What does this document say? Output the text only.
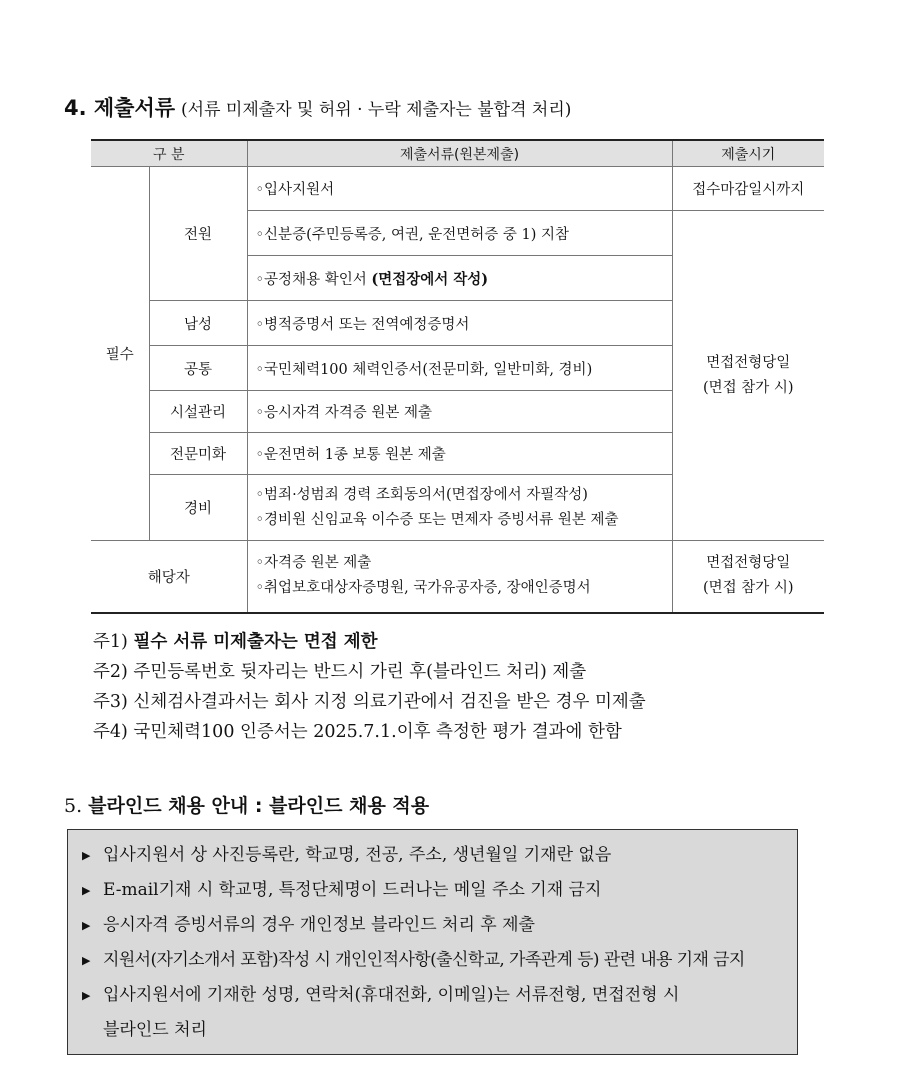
4. 제출서류 (서류 미제출자 및 허위 · 누락 제출자는 불합격 처리)
구 분		제출서류(원본제출)	제출시기
필수	전원	◦입사지원서	접수마감일시까지
		◦신분증(주민등록증, 여권, 운전면허증 중 1) 지참	면접전형당일
(면접 참가 시)

		◦공정채용 확인서 (면접장에서 작성)	
	남성	◦병적증명서 또는 전역예정증명서	
	공통	◦국민체력100 체력인증서(전문미화, 일반미화, 경비)	
	시설관리	◦응시자격 자격증 원본 제출	
	전문미화	◦운전면허 1종 보통 원본 제출	
	경비	◦범죄·성범죄 경력 조회동의서(면접장에서 자필작성)
◦경비원 신임교육 이수증 또는 면제자 증빙서류 원본 제출	

해당자		◦자격증 원본 제출
◦취업보호대상자증명원, 국가유공자증, 장애인증명서	면접전형당일
(면접 참가 시)
주1) 필수 서류 미제출자는 면접 제한
주2) 주민등록번호 뒷자리는 반드시 가린 후(블라인드 처리) 제출
주3) 신체검사결과서는 회사 지정 의료기관에서 검진을 받은 경우 미제출
주4) 국민체력100 인증서는 2025.7.1.이후 측정한 평가 결과에 한함
5. 블라인드 채용 안내 : 블라인드 채용 적용
▶ 입사지원서 상 사진등록란, 학교명, 전공, 주소, 생년월일 기재란 없음
▶ E-mail기재 시 학교명, 특정단체명이 드러나는 메일 주소 기재 금지
▶ 응시자격 증빙서류의 경우 개인정보 블라인드 처리 후 제출
▶ 지원서(자기소개서 포함)작성 시 개인인적사항(출신학교, 가족관계 등) 관련 내용 기재 금지
▶ 입사지원서에 기재한 성명, 연락처(휴대전화, 이메일)는 서류전형, 면접전형 시
블라인드 처리
